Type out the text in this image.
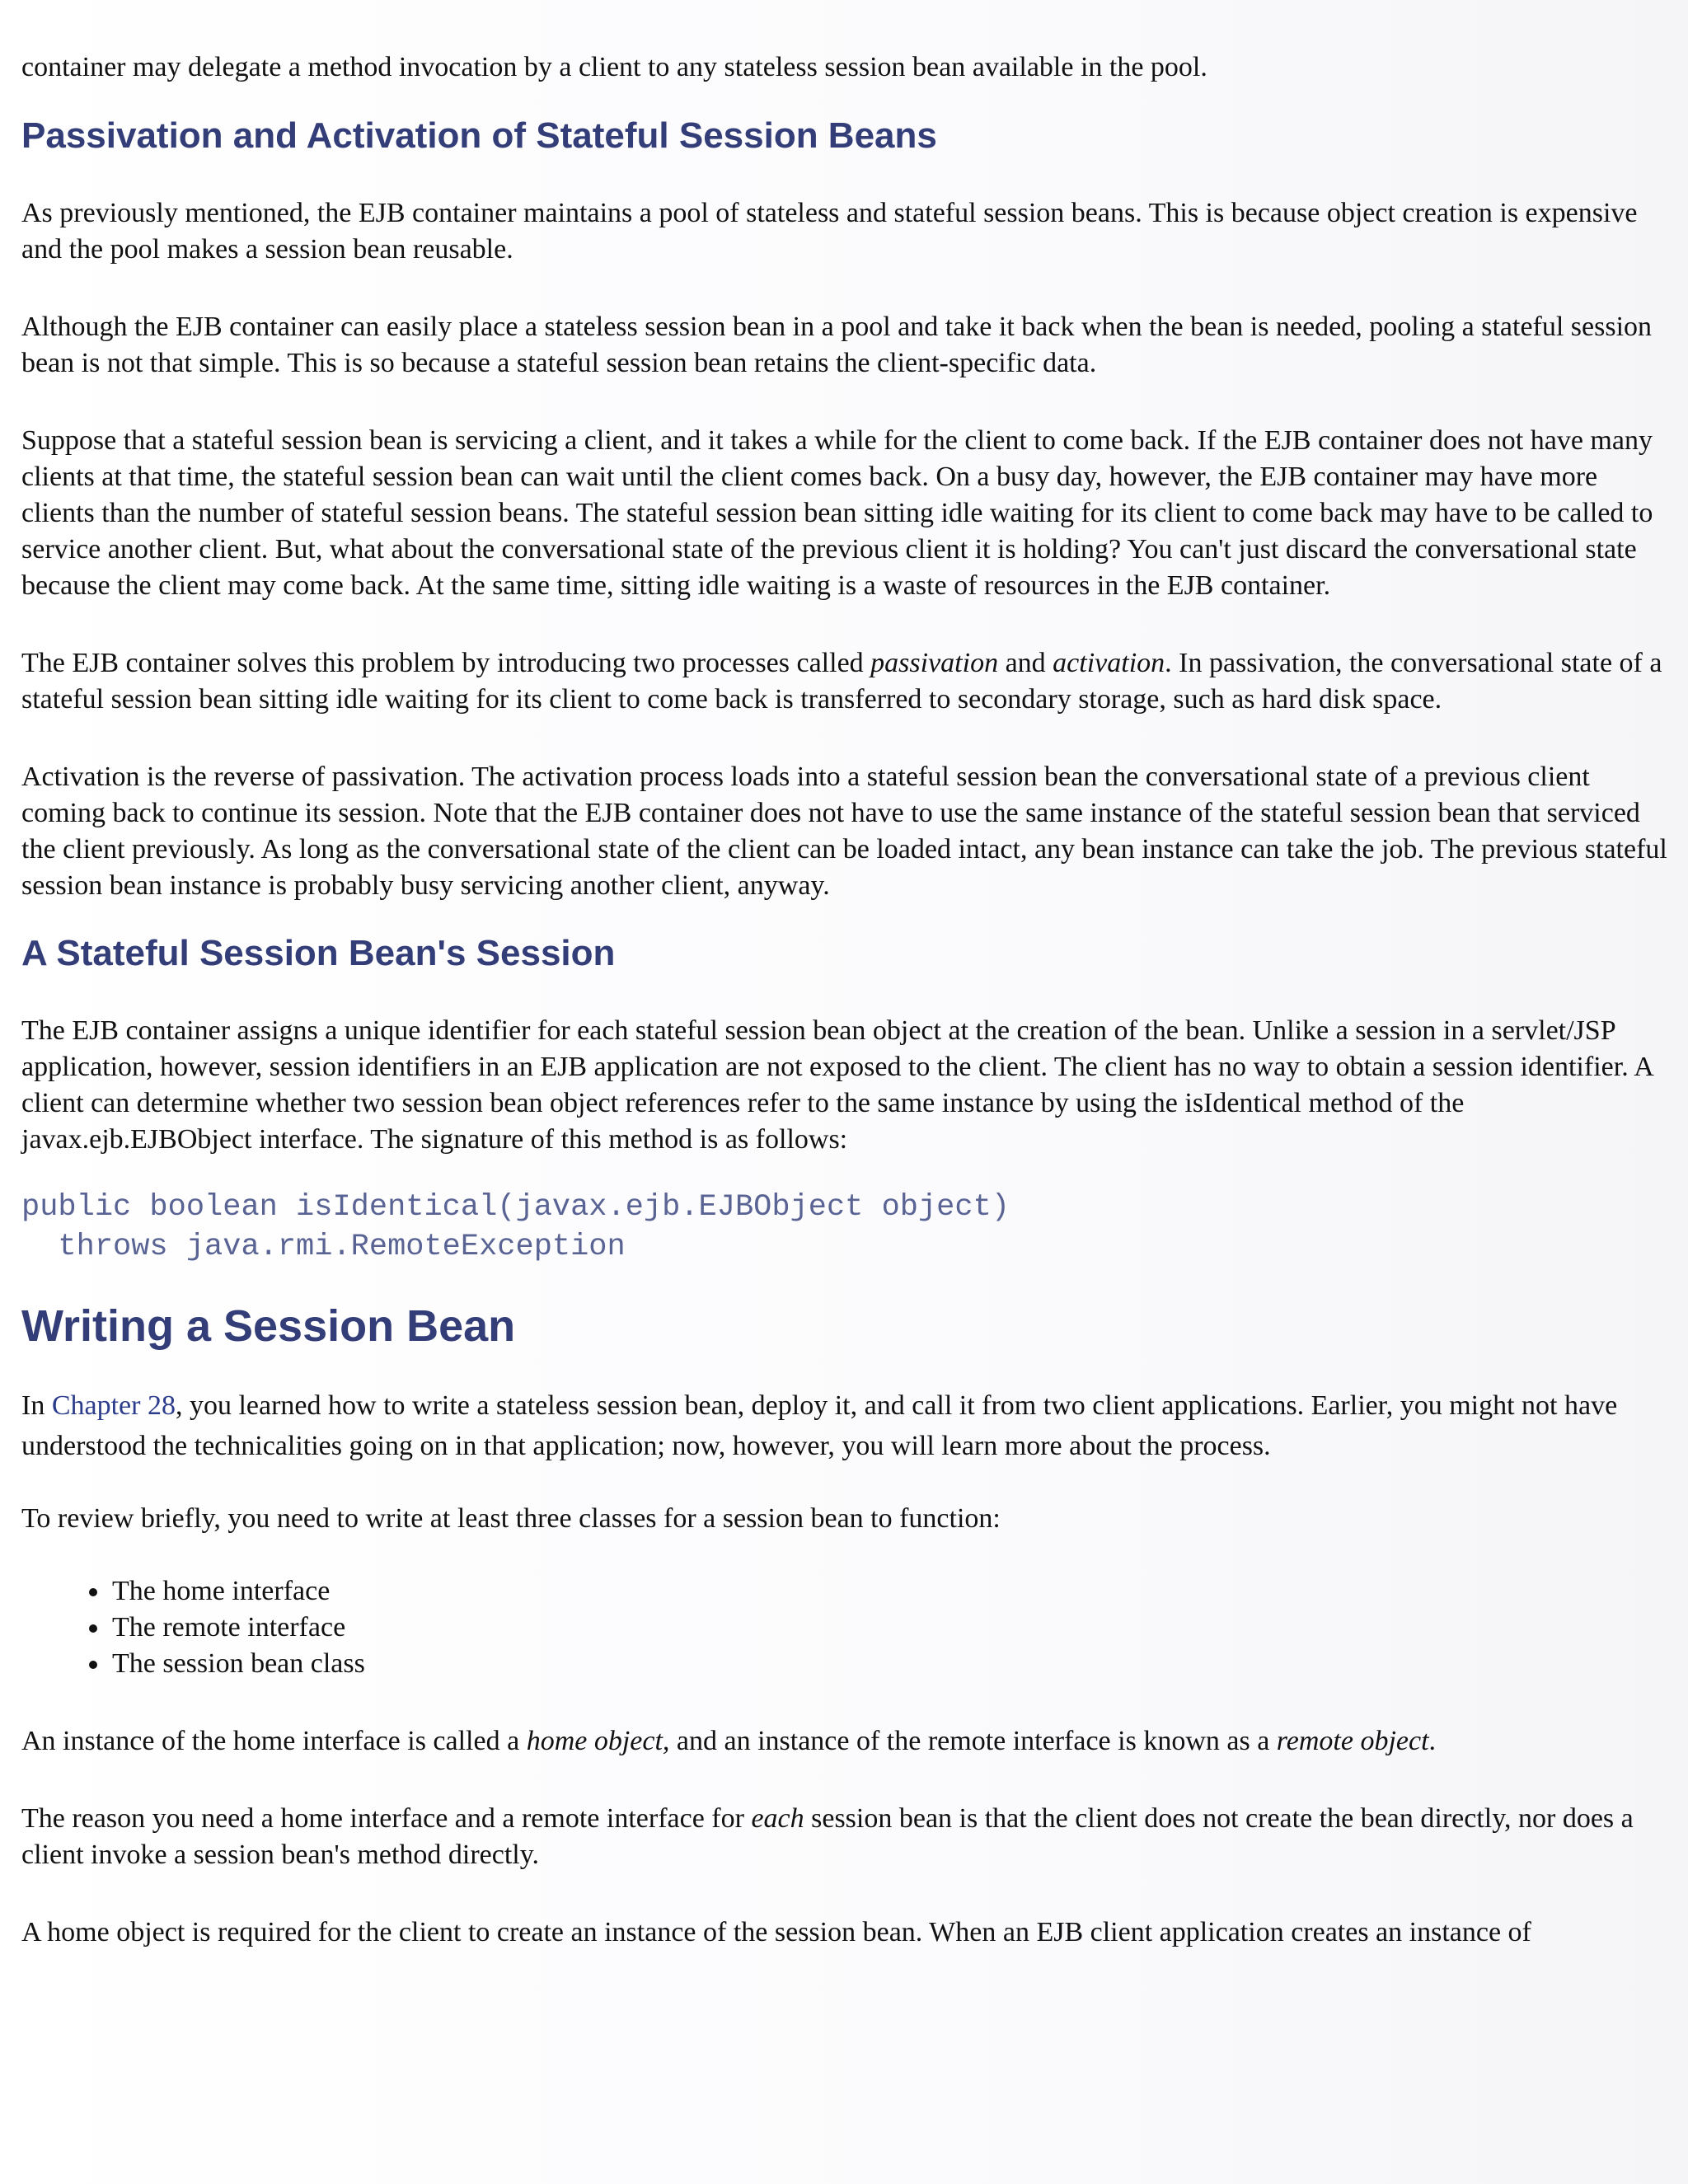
container may delegate a method invocation by a client to any stateless session bean available in the pool.

Passivation and Activation of Stateful Session Beans

As previously mentioned, the EJB container maintains a pool of stateless and stateful session beans. This is because object creation is expensive and the pool makes a session bean reusable.

Although the EJB container can easily place a stateless session bean in a pool and take it back when the bean is needed, pooling a stateful session bean is not that simple. This is so because a stateful session bean retains the client-specific data.

Suppose that a stateful session bean is servicing a client, and it takes a while for the client to come back. If the EJB container does not have many clients at that time, the stateful session bean can wait until the client comes back. On a busy day, however, the EJB container may have more clients than the number of stateful session beans. The stateful session bean sitting idle waiting for its client to come back may have to be called to service another client. But, what about the conversational state of the previous client it is holding? You can't just discard the conversational state because the client may come back. At the same time, sitting idle waiting is a waste of resources in the EJB container.

The EJB container solves this problem by introducing two processes called passivation and activation. In passivation, the conversational state of a stateful session bean sitting idle waiting for its client to come back is transferred to secondary storage, such as hard disk space.

Activation is the reverse of passivation. The activation process loads into a stateful session bean the conversational state of a previous client coming back to continue its session. Note that the EJB container does not have to use the same instance of the stateful session bean that serviced the client previously. As long as the conversational state of the client can be loaded intact, any bean instance can take the job. The previous stateful session bean instance is probably busy servicing another client, anyway.

A Stateful Session Bean's Session

The EJB container assigns a unique identifier for each stateful session bean object at the creation of the bean. Unlike a session in a servlet/JSP application, however, session identifiers in an EJB application are not exposed to the client. The client has no way to obtain a session identifier. A client can determine whether two session bean object references refer to the same instance by using the isIdentical method of the javax.ejb.EJBObject interface. The signature of this method is as follows:

public boolean isIdentical(javax.ejb.EJBObject object)
throws java.rmi.RemoteException
Writing a Session Bean

In Chapter 28, you learned how to write a stateless session bean, deploy it, and call it from two client applications. Earlier, you might not have understood the technicalities going on in that application; now, however, you will learn more about the process.

To review briefly, you need to write at least three classes for a session bean to function:

• The home interface
• The remote interface
• The session bean class

An instance of the home interface is called a home object, and an instance of the remote interface is known as a remote object.

The reason you need a home interface and a remote interface for each session bean is that the client does not create the bean directly, nor does a client invoke a session bean's method directly.

A home object is required for the client to create an instance of the session bean. When an EJB client application creates an instance of
